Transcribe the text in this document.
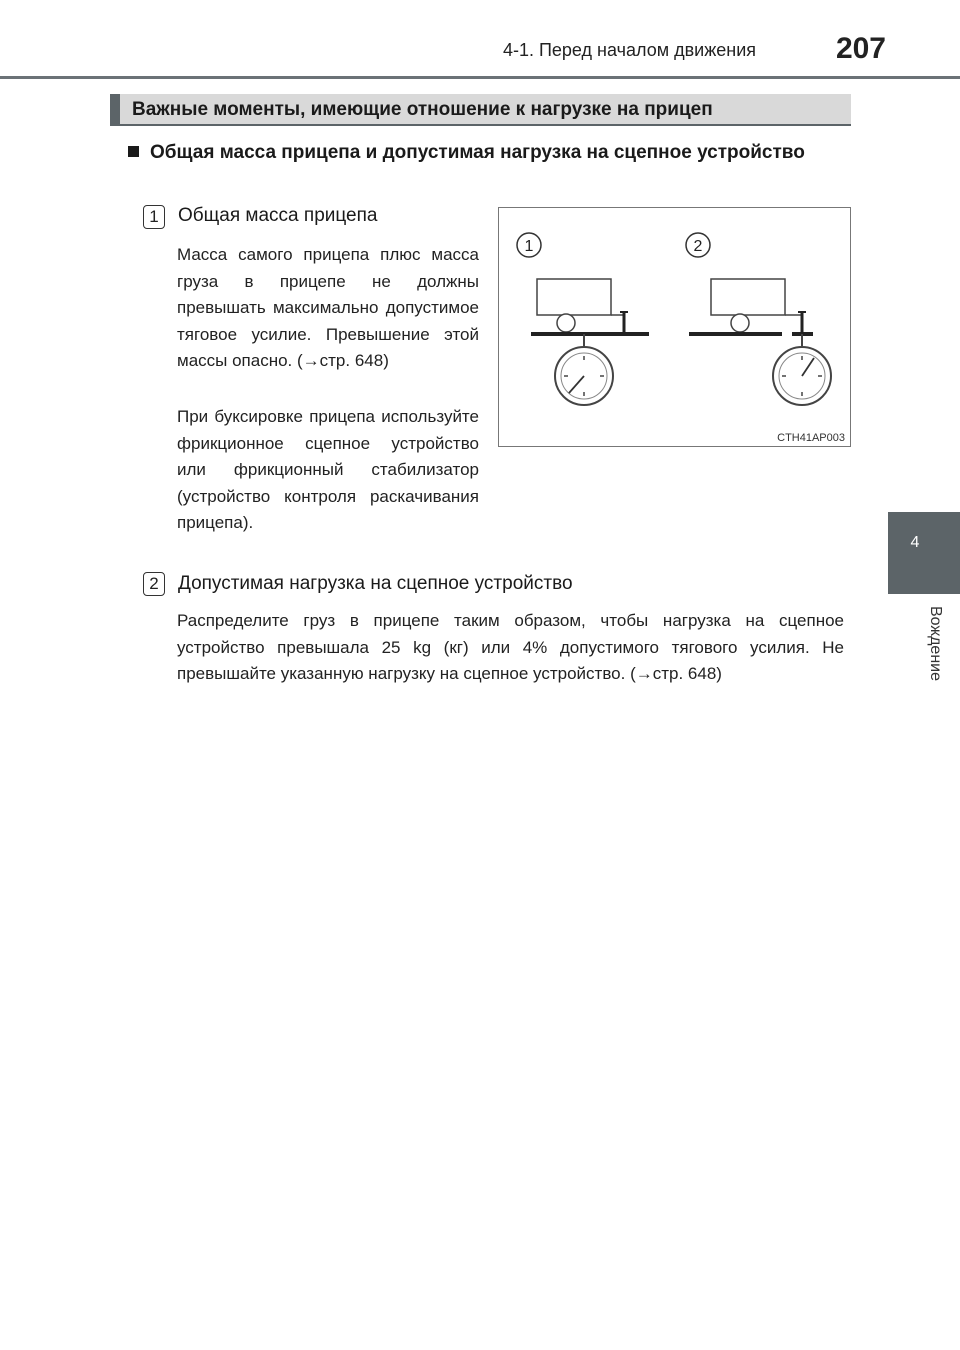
4-1. Перед началом движения	207
Важные моменты, имеющие отношение к нагрузке на прицеп
4
Вождение
Общая масса прицепа и допустимая нагрузка на сцепное устройство
1	Общая масса прицепа
Масса самого прицепа плюс масса груза в прицепе не должны превышать максимально допустимое тяговое усилие. Превышение этой массы опасно. (→стр. 648)
При буксировке прицепа используйте фрикционное сцепное устройство или фрикционный стабилизатор (устройство контроля раскачивания прицепа).
1	2
CTH41AP003
2	Допустимая нагрузка на сцепное устройство
Распределите груз в прицепе таким образом, чтобы нагрузка на сцепное устройство превышала 25 kg (кг) или 4% допустимого тягового усилия. Не превышайте указанную нагрузку на сцепное устройство. (→стр. 648)
